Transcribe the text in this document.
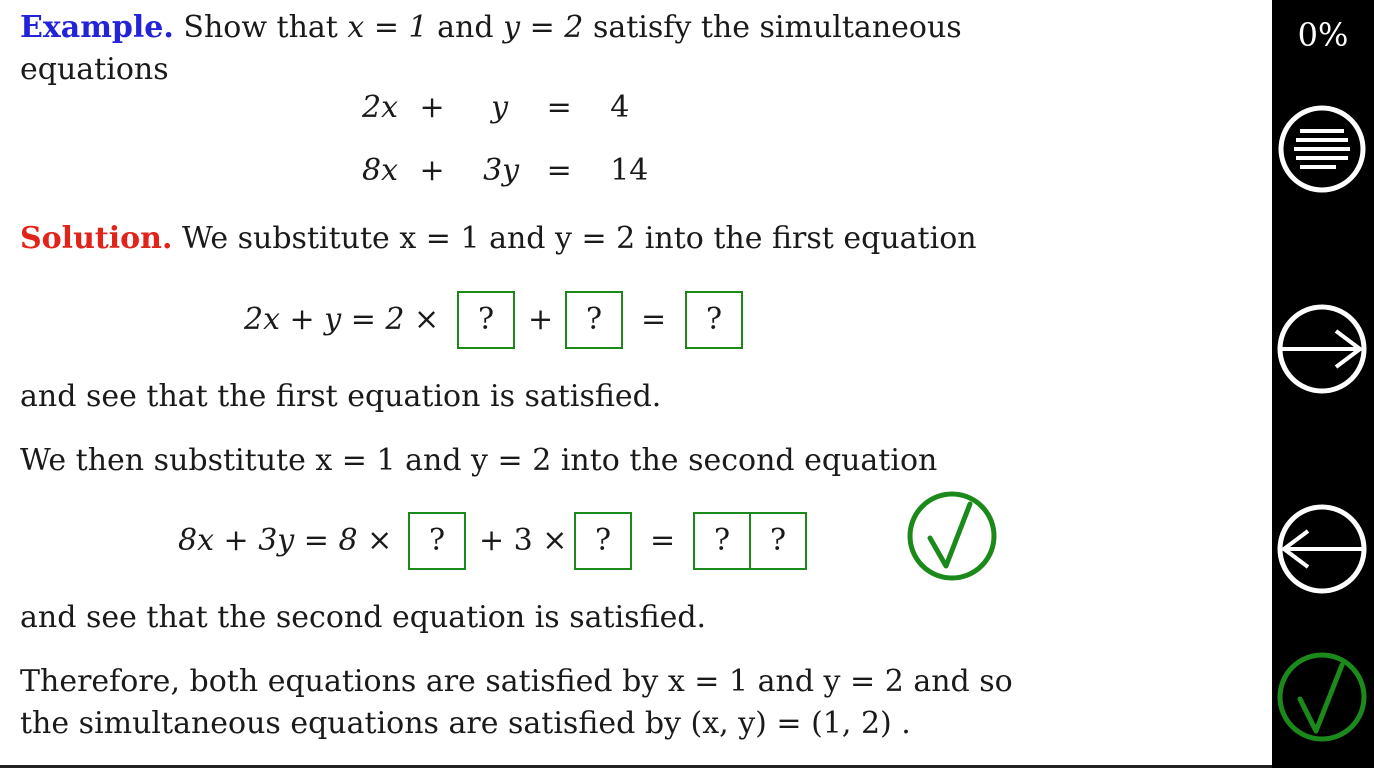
Example. Show that x = 1 and y = 2 satisfy the simultaneous
equations
2x + y = 4
8x + 3y = 14
Solution. We substitute x = 1 and y = 2 into the first equation
2x + y = 2 ×	?	+	?	=	?
and see that the first equation is satisfied.
We then substitute x = 1 and y = 2 into the second equation
8x + 3y = 8 ×	?	+ 3 × ?	=	?	?
and see that the second equation is satisfied.
Therefore, both equations are satisfied by x = 1 and y = 2 and so
the simultaneous equations are satisfied by (x, y) = (1, 2) .
0%
